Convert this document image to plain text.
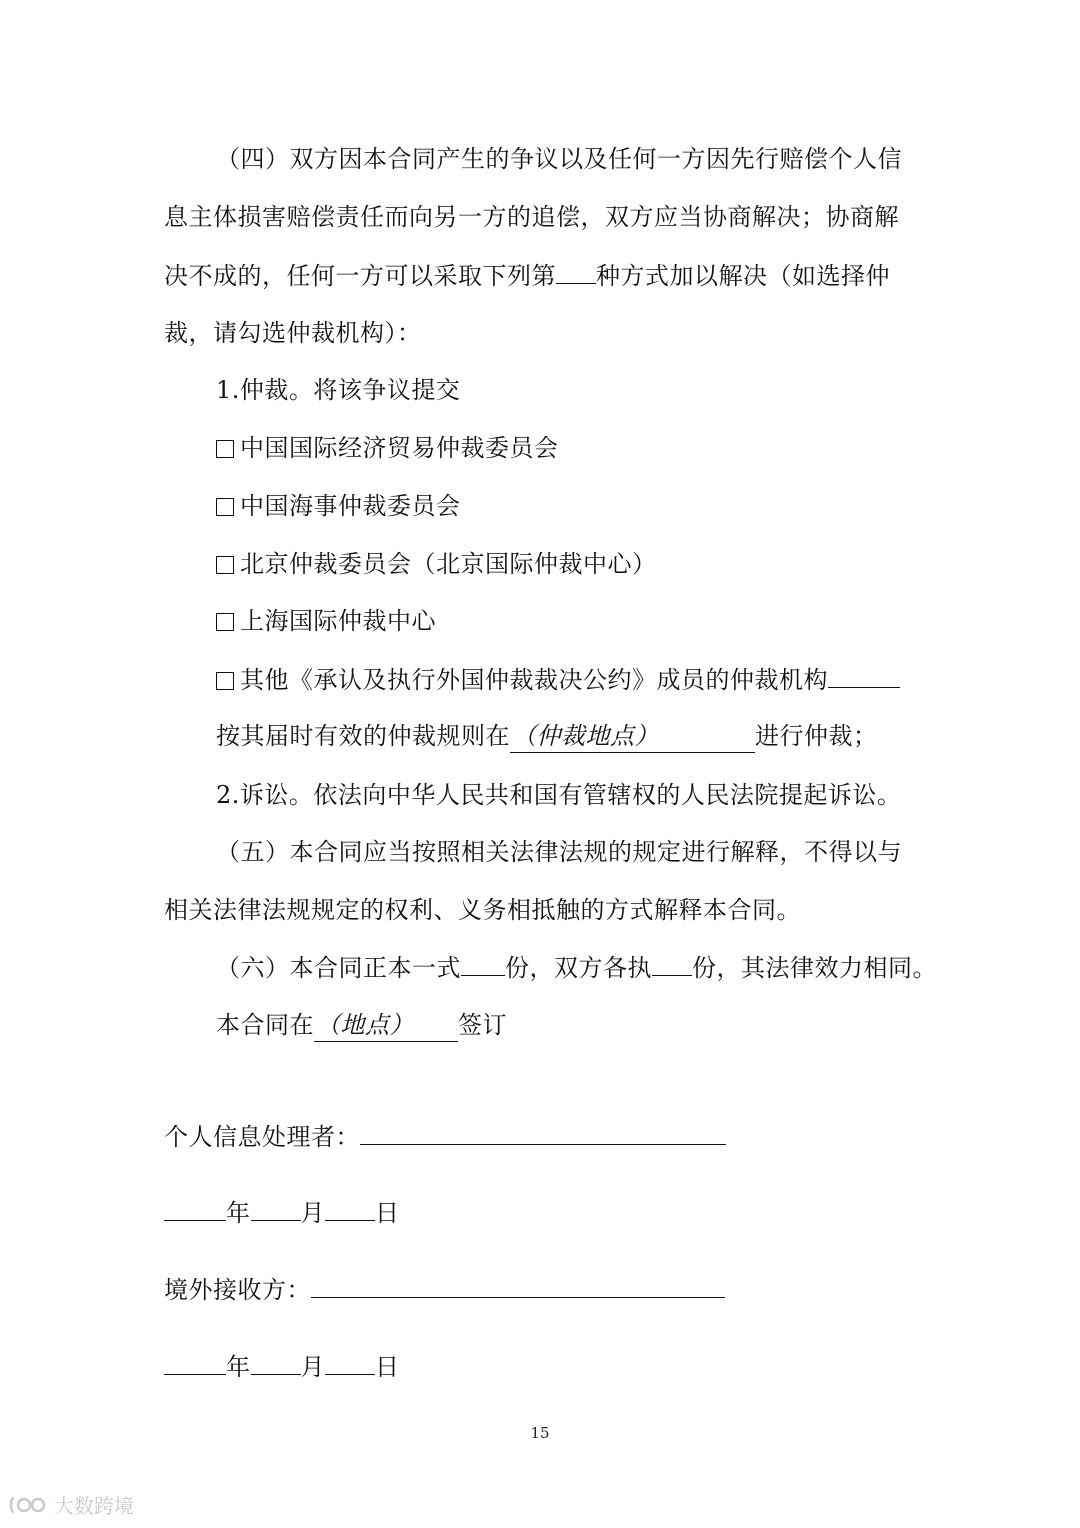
（四）双方因本合同产生的争议以及任何一方因先行赔偿个人信
息主体损害赔偿责任而向另一方的追偿，双方应当协商解决；协商解
决不成的，任何一方可以采取下列第 种方式加以解决（如选择仲
裁，请勾选仲裁机构）：
1.仲裁。将该争议提交
中国国际经济贸易仲裁委员会
中国海事仲裁委员会
北京仲裁委员会（北京国际仲裁中心）
上海国际仲裁中心
其他《承认及执行外国仲裁裁决公约》成员的仲裁机构
按其届时有效的仲裁规则在（仲裁地点）	进行仲裁；
2.诉讼。依法向中华人民共和国有管辖权的人民法院提起诉讼。
（五）本合同应当按照相关法律法规的规定进行解释，不得以与
相关法律法规规定的权利、义务相抵触的方式解释本合同。
（六）本合同正本一式 份，双方各执 份，其法律效力相同。
本合同在（地点） 签订
个人信息处理者：
年 月 日
境外接收方：
年 月 日
15
大数跨境
